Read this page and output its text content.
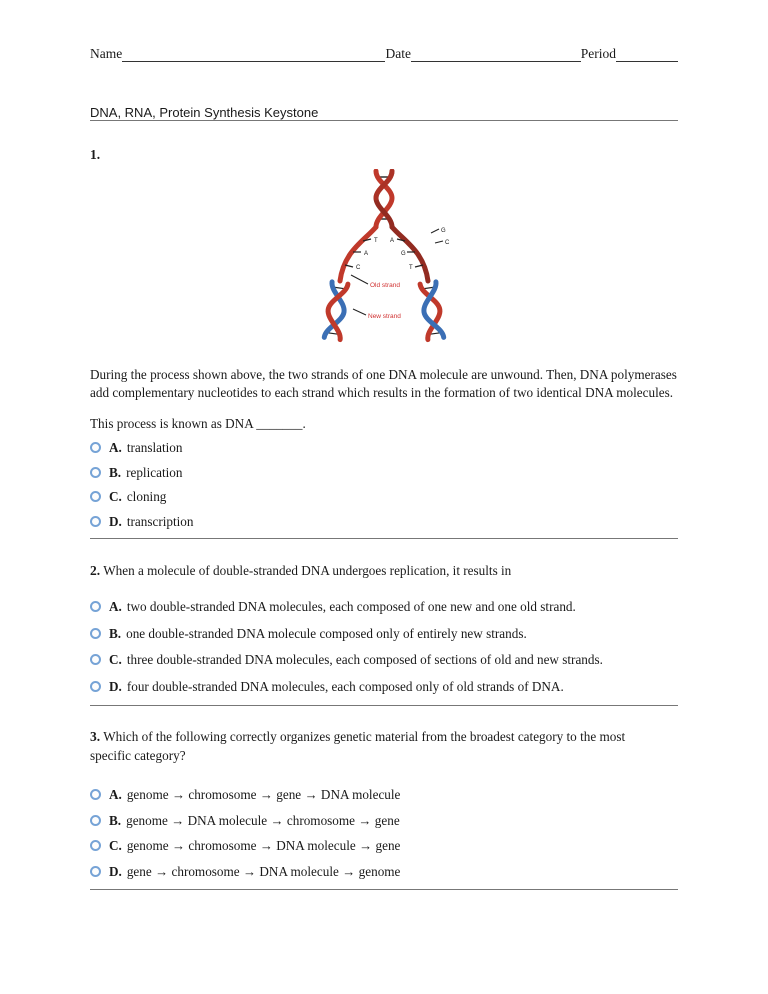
Name	Date	Period
DNA, RNA, Protein Synthesis Keystone
1.
T
A
C
A
G
T
G
C
Old strand
New strand

During the process shown above, the two strands of one DNA molecule are unwound. Then, DNA polymerases add complementary nucleotides to each strand which results in the formation of two identical DNA molecules.

This process is known as DNA _______.
A. translation
B. replication
C. cloning
D. transcription
2. When a molecule of double-stranded DNA undergoes replication, it results in
A. two double-stranded DNA molecules, each composed of one new and one old strand.
B. one double-stranded DNA molecule composed only of entirely new strands.
C. three double-stranded DNA molecules, each composed of sections of old and new strands.
D. four double-stranded DNA molecules, each composed only of old strands of DNA.
3. Which of the following correctly organizes genetic material from the broadest category to the most specific category?
A. genome → chromosome → gene → DNA molecule
B. genome → DNA molecule → chromosome → gene
C. genome → chromosome → DNA molecule → gene
D. gene → chromosome → DNA molecule → genome
